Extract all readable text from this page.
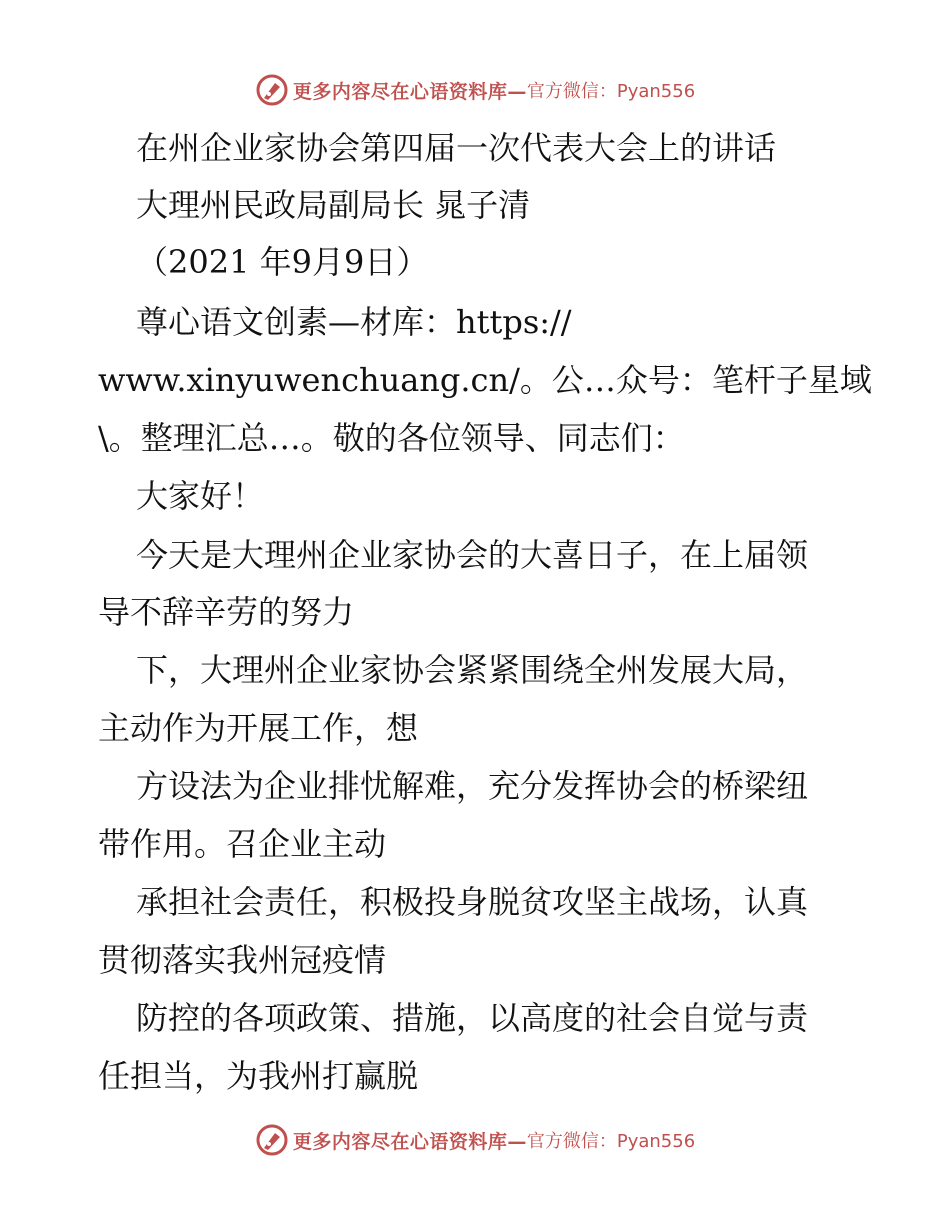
更多内容尽在心语资料库— 官方微信：Pyan556
在州企业家协会第四届一次代表大会上的讲话
大理州民政局副局长 晁子清
（2021 年9月9日）
尊心语文创素—材库：https://
www.xinyuwenchuang.cn/。公…众号：笔杆子星域
\。整理汇总…。敬的各位领导、同志们：
大家好！
今天是大理州企业家协会的大喜日子，在上届领
导不辞辛劳的努力
下，大理州企业家协会紧紧围绕全州发展大局，
主动作为开展工作，想
方设法为企业排忧解难，充分发挥协会的桥梁纽
带作用。召企业主动
承担社会责任，积极投身脱贫攻坚主战场，认真
贯彻落实我州冠疫情
防控的各项政策、措施，以高度的社会自觉与责
任担当，为我州打赢脱
更多内容尽在心语资料库— 官方微信：Pyan556
